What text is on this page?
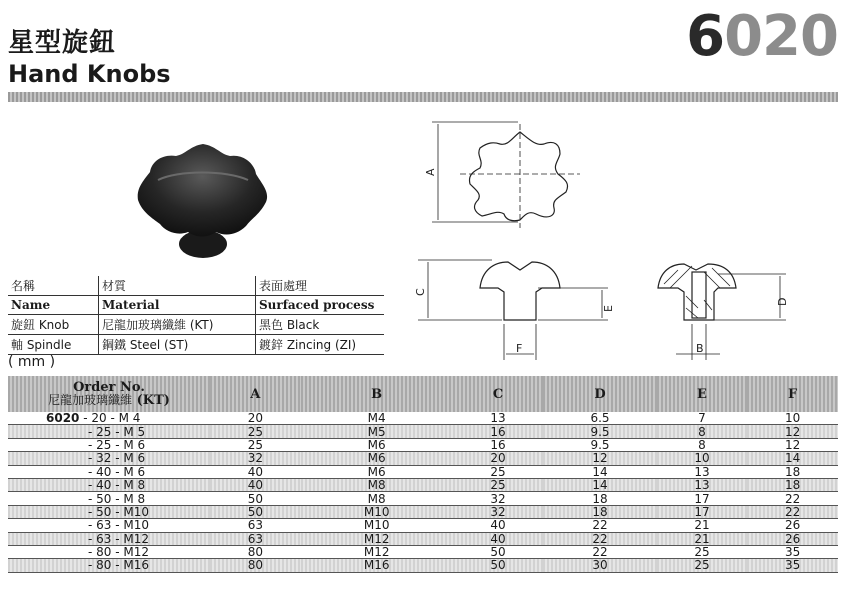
星型旋鈕
Hand Knobs
6020
A
C
E
F
D
B
名稱	材質	表面處理
Name	Material	Surfaced process
旋鈕 Knob	尼龍加玻璃纖維 (KT)	黑色 Black
軸 Spindle	鋼鐵 Steel (ST)	鍍鋅 Zincing (ZI)
( mm )
Order No.
尼龍加玻璃纖維 (KT)	A	B	C	D	E	F
6020 - 20 - M 4	20	M4	13	6.5	7	10
- 25 - M 5	25	M5	16	9.5	8	12
- 25 - M 6	25	M6	16	9.5	8	12
- 32 - M 6	32	M6	20	12	10	14
- 40 - M 6	40	M6	25	14	13	18
- 40 - M 8	40	M8	25	14	13	18
- 50 - M 8	50	M8	32	18	17	22
- 50 - M10	50	M10	32	18	17	22
- 63 - M10	63	M10	40	22	21	26
- 63 - M12	63	M12	40	22	21	26
- 80 - M12	80	M12	50	22	25	35
- 80 - M16	80	M16	50	30	25	35
